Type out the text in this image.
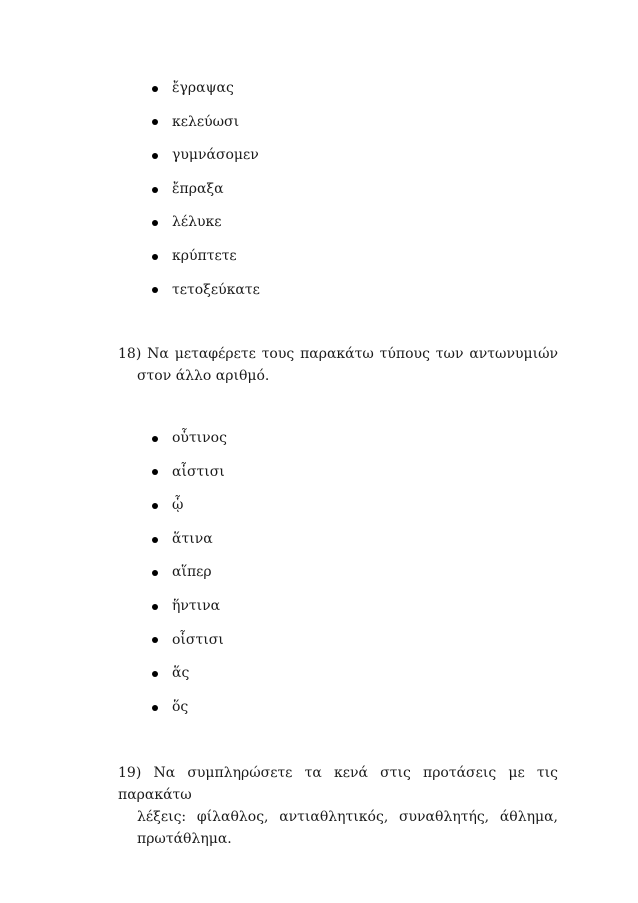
ἔγραψας
κελεύωσι
γυμνάσομεν
ἔπραξα
λέλυκε
κρύπτετε
τετοξεύκατε
18) Να μεταφέρετε τους παρακάτω τύπους των αντωνυμιών
στον άλλο αριθμό.
οὗτινος
αἷστισι
ᾧ
ἅτινα
αἵπερ
ἥντινα
οἷστισι
ἅς
ὅς
19) Να συμπληρώσετε τα κενά στις προτάσεις με τις παρακάτω
λέξεις: φίλαθλος, αντιαθλητικός, συναθλητής, άθλημα,
πρωτάθλημα.
